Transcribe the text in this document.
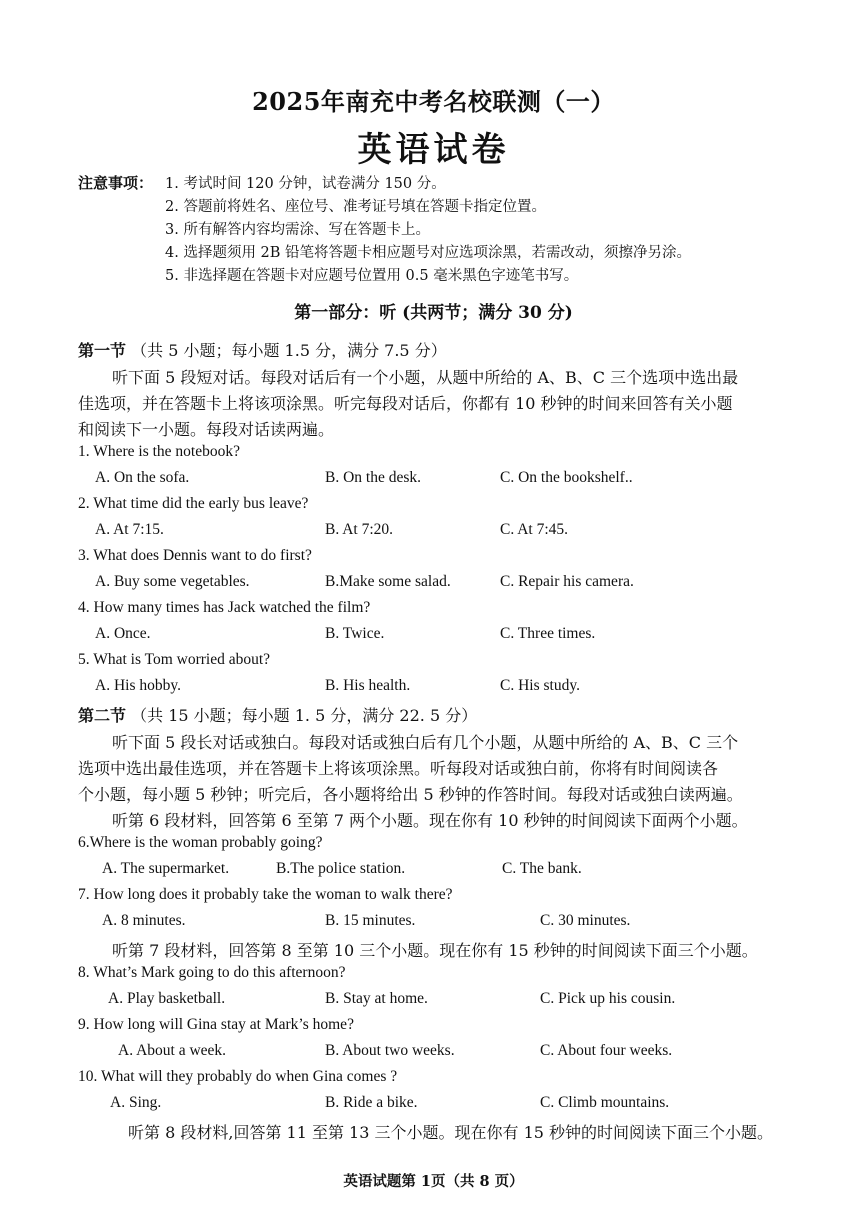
2025年南充中考名校联测（一）
英语试卷
注意事项： 1. 考试时间 120 分钟，试卷满分 150 分。
2. 答题前将姓名、座位号、准考证号填在答题卡指定位置。
3. 所有解答内容均需涂、写在答题卡上。
4. 选择题须用 2B 铅笔将答题卡相应题号对应选项涂黑，若需改动，须擦净另涂。
5. 非选择题在答题卡对应题号位置用 0.5 毫米黑色字迹笔书写。
第一部分：听 (共两节；满分 30 分)
第一节 （共 5 小题；每小题 1.5 分，满分 7.5 分）
听下面 5 段短对话。每段对话后有一个小题，从题中所给的 A、B、C 三个选项中选出最
佳选项，并在答题卡上将该项涂黑。听完每段对话后，你都有 10 秒钟的时间来回答有关小题
和阅读下一小题。每段对话读两遍。
1. Where is the notebook?
A. On the sofa.	B. On the desk.	C. On the bookshelf..
2. What time did the early bus leave?
A. At 7:15.	B. At 7:20.	C. At 7:45.
3. What does Dennis want to do first?
A. Buy some vegetables.	B.Make some salad.	C. Repair his camera.
4. How many times has Jack watched the film?
A. Once.	B. Twice.	C. Three times.
5. What is Tom worried about?
A. His hobby.	B. His health.	C. His study.
第二节 （共 15 小题；每小题 1. 5 分，满分 22. 5 分）
听下面 5 段长对话或独白。每段对话或独白后有几个小题，从题中所给的 A、B、C 三个
选项中选出最佳选项，并在答题卡上将该项涂黑。听每段对话或独白前，你将有时间阅读各
个小题，每小题 5 秒钟；听完后，各小题将给出 5 秒钟的作答时间。每段对话或独白读两遍。
听第 6 段材料，回答第 6 至第 7 两个小题。现在你有 10 秒钟的时间阅读下面两个小题。
6.Where is the woman probably going?
A. The supermarket.	B.The police station.	C. The bank.
7. How long does it probably take the woman to walk there?
A. 8 minutes.	B. 15 minutes.	C. 30 minutes.
听第 7 段材料，回答第 8 至第 10 三个小题。现在你有 15 秒钟的时间阅读下面三个小题。
8. What’s Mark going to do this afternoon?
A. Play basketball.	B. Stay at home.	C. Pick up his cousin.
9. How long will Gina stay at Mark’s home?
A. About a week.	B. About two weeks.	C. About four weeks.
10. What will they probably do when Gina comes ?
A. Sing.	B. Ride a bike.	C. Climb mountains.
听第 8 段材料,回答第 11 至第 13 三个小题。现在你有 15 秒钟的时间阅读下面三个小题。
英语试题第 1页（共 8 页）
